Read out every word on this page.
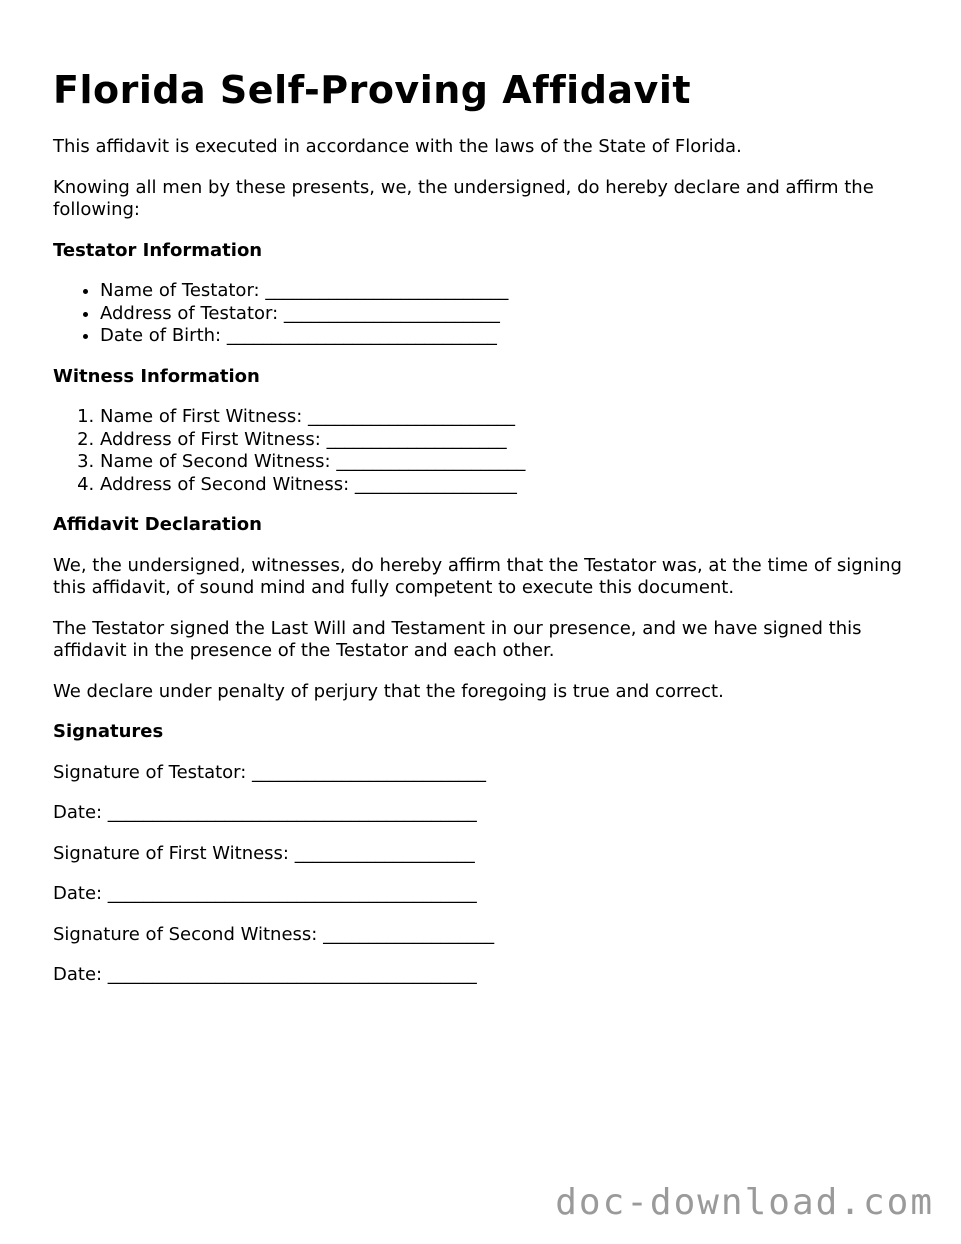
Florida Self-Proving Affidavit

This affidavit is executed in accordance with the laws of the State of Florida.

Knowing all men by these presents, we, the undersigned, do hereby declare and affirm the following:

Testator Information
• Name of Testator: ___________________________
• Address of Testator: ________________________
• Date of Birth: ______________________________
Witness Information
1. Name of First Witness: _______________________
2. Address of First Witness: ____________________
3. Name of Second Witness: _____________________
4. Address of Second Witness: __________________
Affidavit Declaration

We, the undersigned, witnesses, do hereby affirm that the Testator was, at the time of signing this affidavit, of sound mind and fully competent to execute this document.

The Testator signed the Last Will and Testament in our presence, and we have signed this affidavit in the presence of the Testator and each other.

We declare under penalty of perjury that the foregoing is true and correct.

Signatures

Signature of Testator: __________________________

Date: _________________________________________

Signature of First Witness: ____________________

Date: _________________________________________

Signature of Second Witness: ___________________

Date: _________________________________________

doc-download.com
